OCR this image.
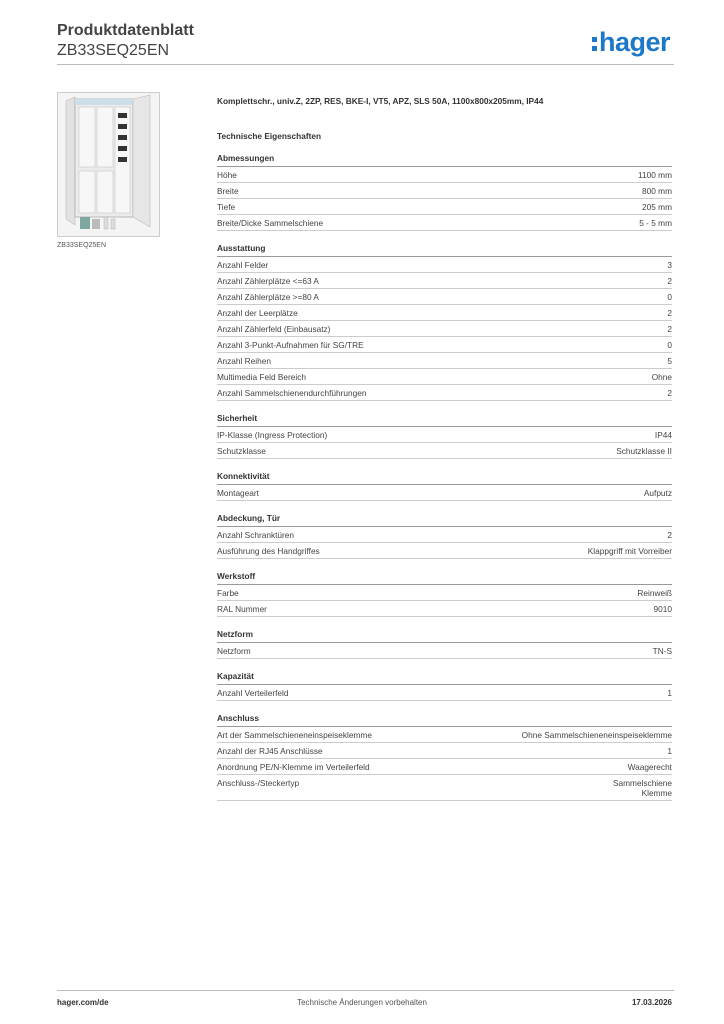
Produktdatenblatt
ZB33SEQ25EN	hager
ZB33SEQ25EN
Komplettschr., univ.Z, 2ZP, RES, BKE-I, VT5, APZ, SLS 50A, 1100x800x205mm, IP44
Technische Eigenschaften
Abmessungen
Höhe	1100 mm
Breite	800 mm
Tiefe	205 mm
Breite/Dicke Sammelschiene	5 - 5 mm
Ausstattung
Anzahl Felder	3
Anzahl Zählerplätze <=63 A	2
Anzahl Zählerplätze >=80 A	0
Anzahl der Leerplätze	2
Anzahl Zählerfeld (Einbausatz)	2
Anzahl 3-Punkt-Aufnahmen für SG/TRE	0
Anzahl Reihen	5
Multimedia Feld Bereich	Ohne
Anzahl Sammelschienendurchführungen	2
Sicherheit
IP-Klasse (Ingress Protection)	IP44
Schutzklasse	Schutzklasse II
Konnektivität
Montageart	Aufputz
Abdeckung, Tür
Anzahl Schranktüren	2
Ausführung des Handgriffes	Klappgriff mit Vorreiber
Werkstoff
Farbe	Reinweiß
RAL Nummer	9010
Netzform
Netzform	TN-S
Kapazität
Anzahl Verteilerfeld	1
Anschluss
Art der Sammelschieneneinspeiseklemme	Ohne Sammelschieneneinspeiseklemme
Anzahl der RJ45 Anschlüsse	1
Anordnung PE/N-Klemme im Verteilerfeld	Waagerecht
Anschluss-/Steckertyp	Sammelschiene
Klemme
hager.com/de	Technische Änderungen vorbehalten	17.03.2026
